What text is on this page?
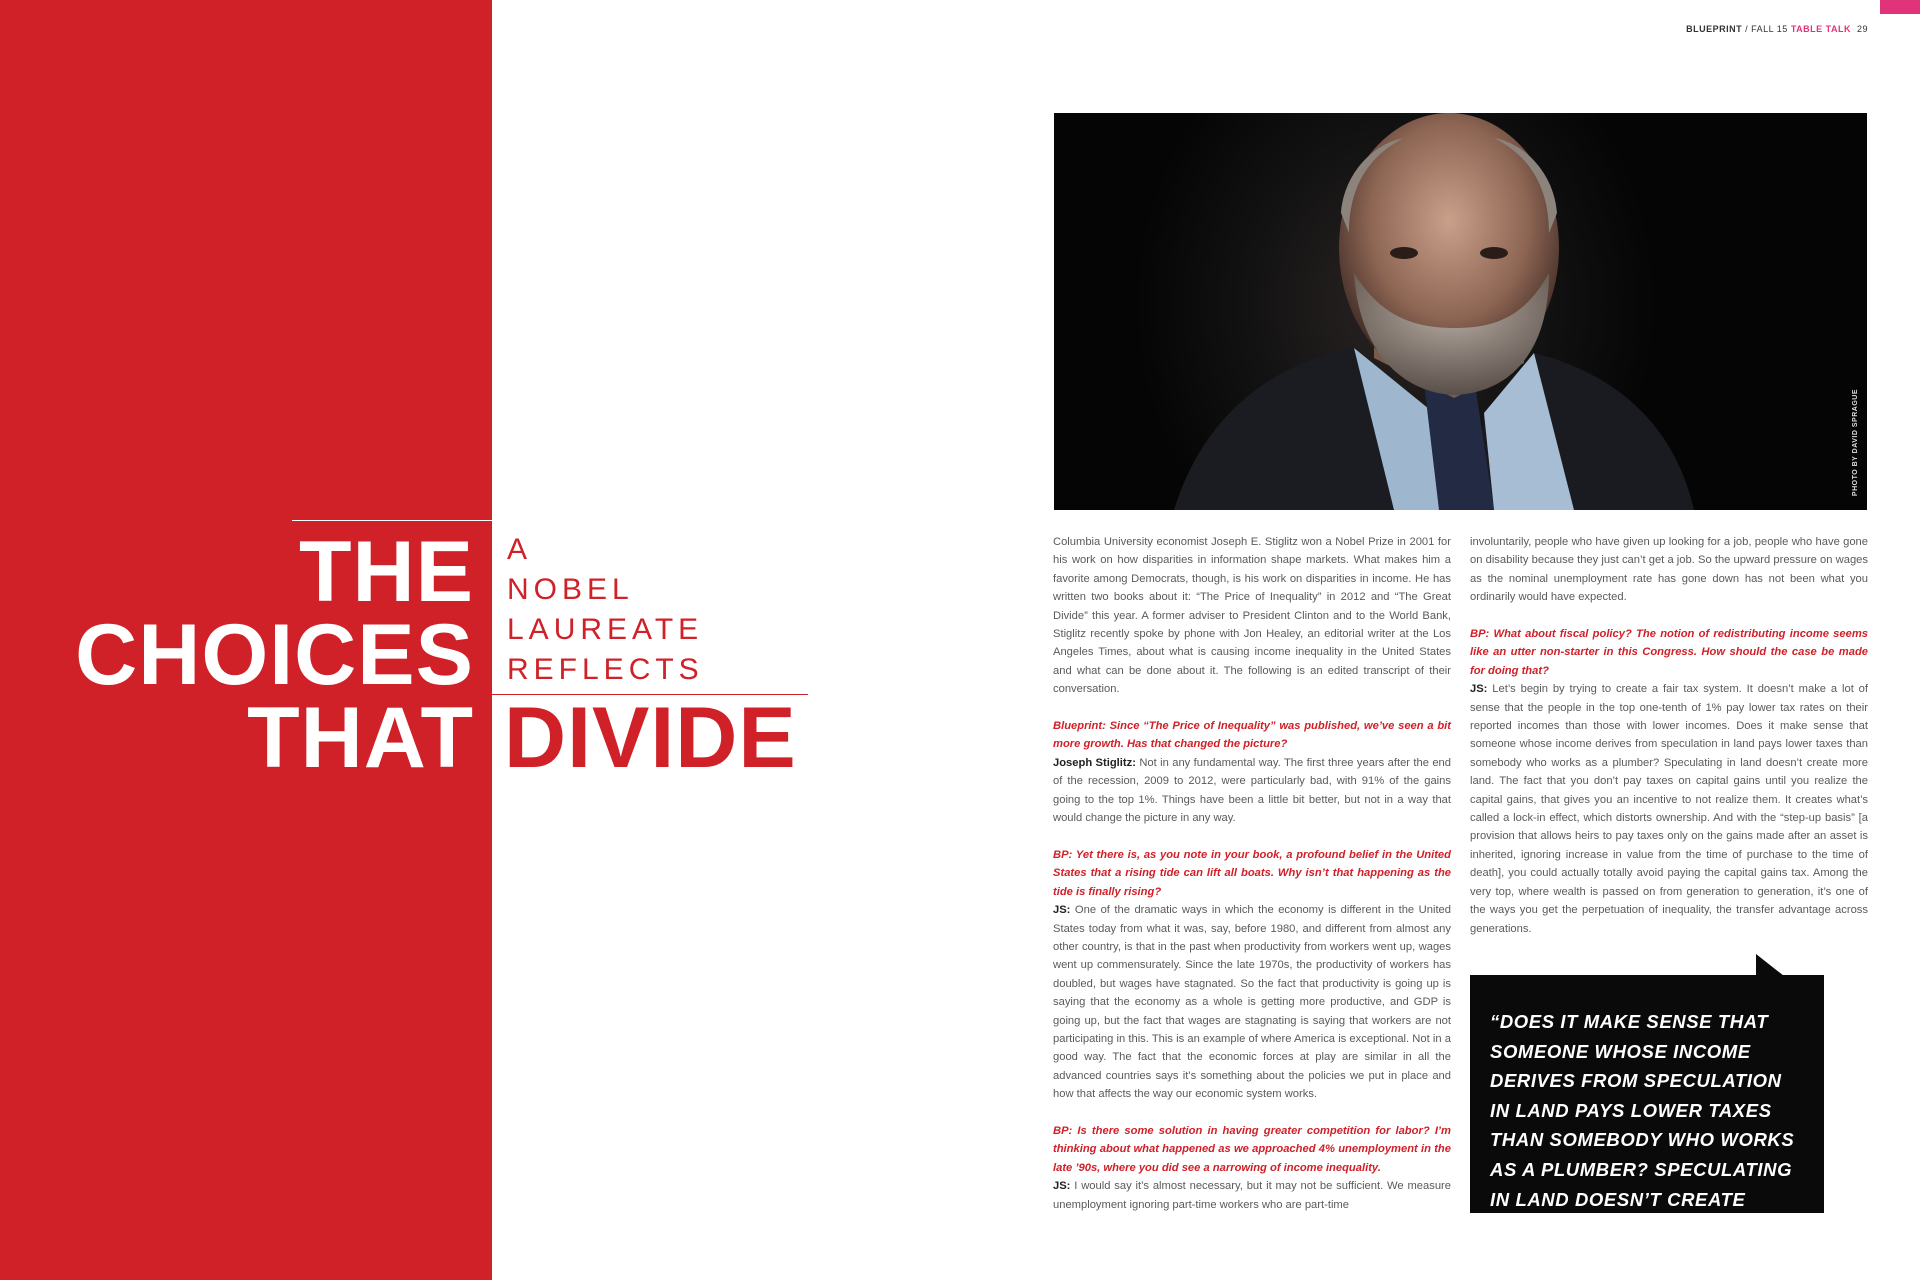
THE
CHOICES
THAT DIVIDE
A
NOBEL
LAUREATE
REFLECTS
BLUEPRINT / FALL 15 TABLE TALK 29
PHOTO BY DAVID SPRAGUE

Columbia University economist Joseph E. Stiglitz won a Nobel Prize in 2001 for his work on how disparities in information shape markets. What makes him a favorite among Democrats, though, is his work on disparities in income. He has written two books about it: “The Price of Inequality” in 2012 and “The Great Divide” this year. A former adviser to President Clinton and to the World Bank, Stiglitz recently spoke by phone with Jon Healey, an editorial writer at the Los Angeles Times, about what is causing income inequality in the United States and what can be done about it. The following is an edited transcript of their conversation.

Blueprint: Since “The Price of Inequality” was published, we’ve seen a bit more growth. Has that changed the picture?
Joseph Stiglitz: Not in any fundamental way. The first three years after the end of the recession, 2009 to 2012, were particularly bad, with 91% of the gains going to the top 1%. Things have been a little bit better, but not in a way that would change the picture in any way.

BP: Yet there is, as you note in your book, a profound belief in the United States that a rising tide can lift all boats. Why isn’t that happening as the tide is finally rising?
JS: One of the dramatic ways in which the economy is different in the United States today from what it was, say, before 1980, and different from almost any other country, is that in the past when productivity from workers went up, wages went up commensurately. Since the late 1970s, the productivity of workers has doubled, but wages have stagnated. So the fact that productivity is going up is saying that the economy as a whole is getting more productive, and GDP is going up, but the fact that wages are stagnating is saying that workers are not participating in this. This is an example of where America is exceptional. Not in a good way. The fact that the economic forces at play are similar in all the advanced countries says it’s something about the policies we put in place and how that affects the way our economic system works.

BP: Is there some solution in having greater competition for labor? I’m thinking about what happened as we approached 4% unemployment in the late ’90s, where you did see a narrowing of income inequality.
JS: I would say it’s almost necessary, but it may not be sufficient. We measure unemployment ignoring part-time workers who are part-time

involuntarily, people who have given up looking for a job, people who have gone on disability because they just can’t get a job. So the upward pressure on wages as the nominal unemployment rate has gone down has not been what you ordinarily would have expected.

BP: What about fiscal policy? The notion of redistributing income seems like an utter non-starter in this Congress. How should the case be made for doing that?
JS: Let’s begin by trying to create a fair tax system. It doesn’t make a lot of sense that the people in the top one-tenth of 1% pay lower tax rates on their reported incomes than those with lower incomes. Does it make sense that someone whose income derives from speculation in land pays lower taxes than somebody who works as a plumber? Speculating in land doesn’t create more land. The fact that you don’t pay taxes on capital gains until you realize the capital gains, that gives you an incentive to not realize them. It creates what’s called a lock-in effect, which distorts ownership. And with the “step-up basis” [a provision that allows heirs to pay taxes only on the gains made after an asset is inherited, ignoring increase in value from the time of purchase to the time of death], you could actually totally avoid paying the capital gains tax. Among the very top, where wealth is passed on from generation to generation, it’s one of the ways you get the perpetuation of inequality, the transfer advantage across generations.

“DOES IT MAKE SENSE THAT SOMEONE WHOSE INCOME DERIVES FROM SPECULATION IN LAND PAYS LOWER TAXES THAN SOMEBODY WHO WORKS AS A PLUMBER? SPECULATING IN LAND DOESN’T CREATE MORE LAND.”
